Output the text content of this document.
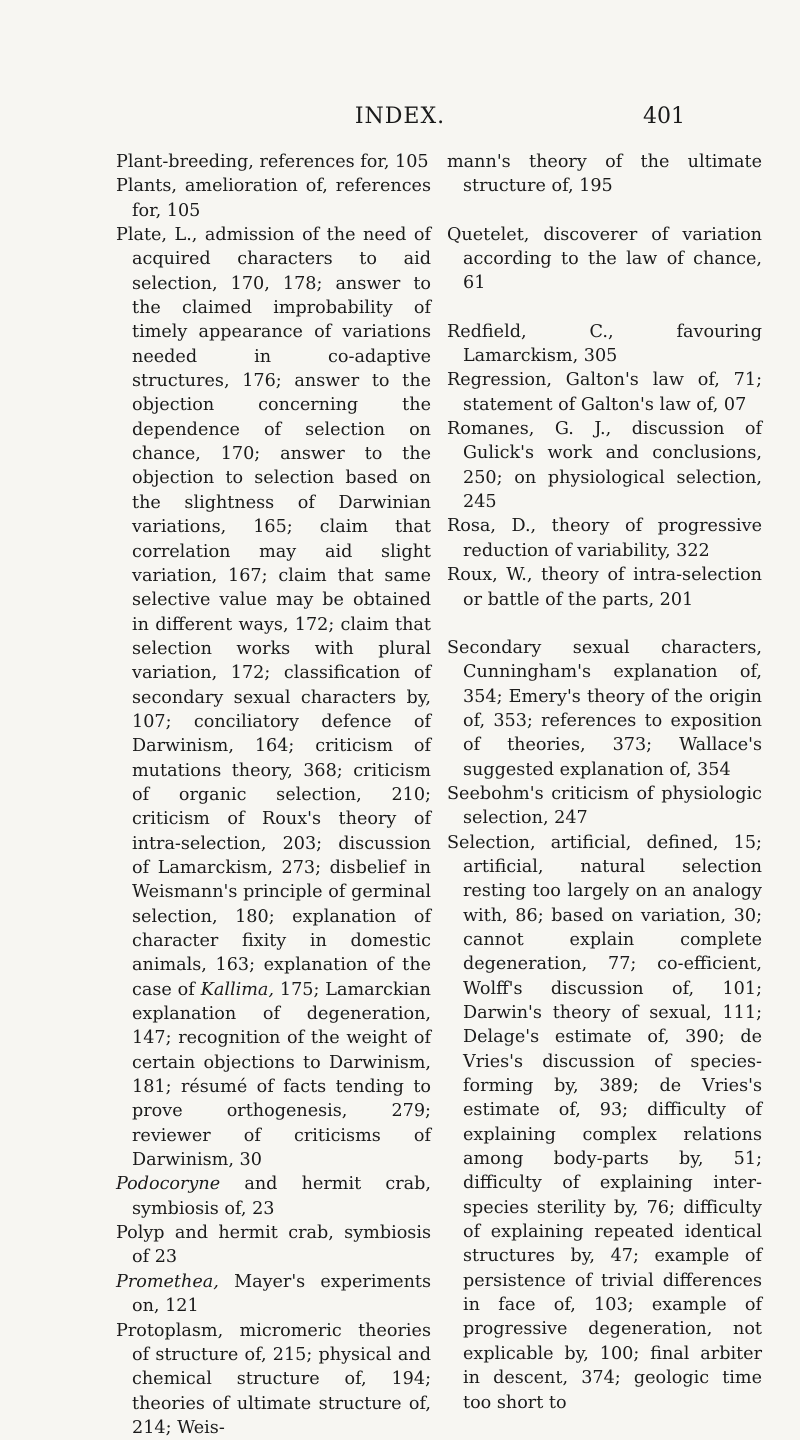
INDEX.	401

Plant-breeding, references for, 105

Plants, amelioration of, references for, 105

Plate, L., admission of the need of acquired characters to aid selection, 170, 178; answer to the claimed improbability of timely appearance of variations needed in co-adaptive structures, 176; answer to the objection concerning the dependence of selection on chance, 170; answer to the objection to selection based on the slightness of Darwinian variations, 165; claim that correlation may aid slight variation, 167; claim that same selective value may be obtained in different ways, 172; claim that selection works with plural variation, 172; classification of secondary sexual characters by, 107; conciliatory defence of Darwinism, 164; criticism of mutations theory, 368; criticism of organic selection, 210; criticism of Roux's theory of intra-selection, 203; discussion of Lamarckism, 273; disbelief in Weismann's principle of germinal selection, 180; explanation of character fixity in domestic animals, 163; explanation of the case of Kallima, 175; Lamarckian explanation of degeneration, 147; recognition of the weight of certain objections to Darwinism, 181; résumé of facts tending to prove orthogenesis, 279; reviewer of criticisms of Darwinism, 30

Podocoryne and hermit crab, symbiosis of, 23

Polyp and hermit crab, symbiosis of 23

Promethea, Mayer's experiments on, 121

Protoplasm, micromeric theories of structure of, 215; physical and chemical structure of, 194; theories of ultimate structure of, 214; Weis-

mann's theory of the ultimate structure of, 195

Quetelet, discoverer of variation according to the law of chance, 61

Redfield, C., favouring Lamarckism, 305

Regression, Galton's law of, 71; statement of Galton's law of, 07

Romanes, G. J., discussion of Gulick's work and conclusions, 250; on physiological selection, 245

Rosa, D., theory of progressive reduction of variability, 322

Roux, W., theory of intra-selection or battle of the parts, 201

Secondary sexual characters, Cunningham's explanation of, 354; Emery's theory of the origin of, 353; references to exposition of theories, 373; Wallace's suggested explanation of, 354

Seebohm's criticism of physiologic selection, 247

Selection, artificial, defined, 15; artificial, natural selection resting too largely on an analogy with, 86; based on variation, 30; cannot explain complete degeneration, 77; co-efficient, Wolff's discussion of, 101; Darwin's theory of sexual, 111; Delage's estimate of, 390; de Vries's discussion of species-forming by, 389; de Vries's estimate of, 93; difficulty of explaining complex relations among body-parts by, 51; difficulty of explaining inter-species sterility by, 76; difficulty of explaining repeated identical structures by, 47; example of persistence of trivial differences in face of, 103; example of progressive degeneration, not explicable by, 100; final arbiter in descent, 374; geologic time too short to
